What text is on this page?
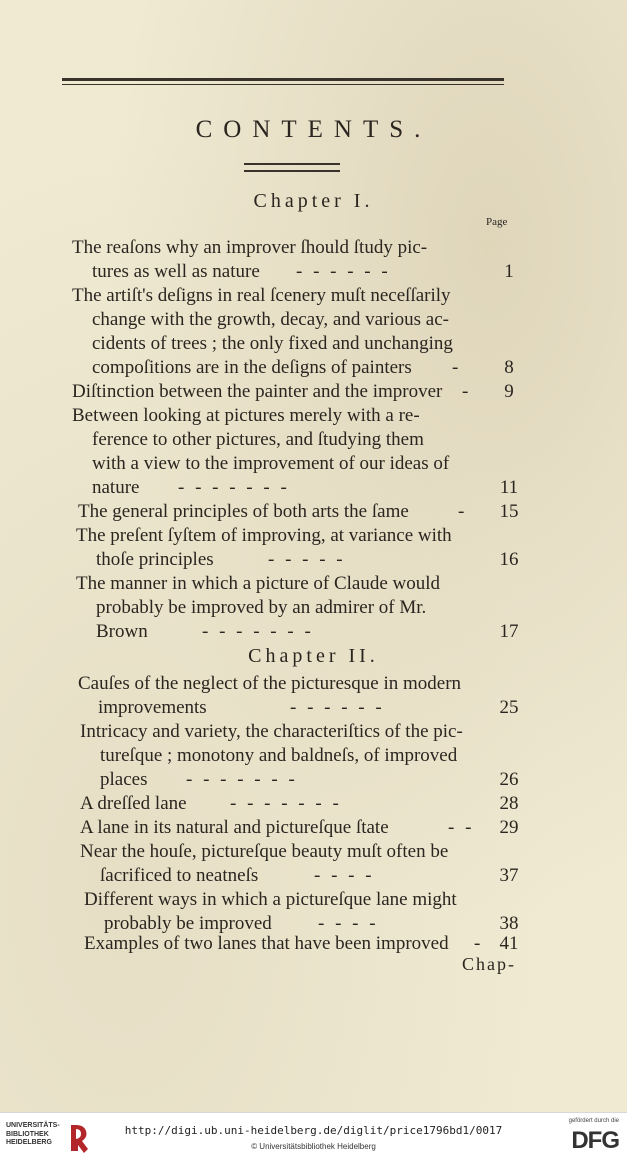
CONTENTS.
Chapter I.
Page
The reaſons why an improver ſhould ſtudy pic-
tures as well as nature - - - - - -	1
The artiſt's deſigns in real ſcenery muſt neceſſarily
change with the growth, decay, and various ac-
cidents of trees ; the only fixed and unchanging
compoſitions are in the deſigns of painters -	8
Diſtinction between the painter and the improver -	9
Between looking at pictures merely with a re-
ference to other pictures, and ſtudying them
with a view to the improvement of our ideas of
nature - - - - - - -	11
The general principles of both arts the ſame	- 15
The preſent ſyſtem of improving, at variance with
thoſe principles	- - - - -	16
The manner in which a picture of Claude would
probably be improved by an admirer of Mr.
Brown	- - - - - - -	17
Chapter II.
Cauſes of the neglect of the picturesque in modern
improvements	- - - - - -	25
Intricacy and variety, the characteriſtics of the pic-
tureſque ; monotony and baldneſs, of improved
places - - - - - - -	26
A dreſſed lane - - - - - - -	28
A lane in its natural and pictureſque ſtate	- - 29
Near the houſe, pictureſque beauty muſt often be
ſacrificed to neatneſs	- - - -	37
Different ways in which a pictureſque lane might
probably be improved - - - -	38
Examples of two lanes that have been improved - 41
Chap-
UNIVERSITÄTS-
BIBLIOTHEK
HEIDELBERG
http://digi.ub.uni-heidelberg.de/diglit/price1796bd1/0017
© Universitätsbibliothek Heidelberg
gefördert durch die
DFG
